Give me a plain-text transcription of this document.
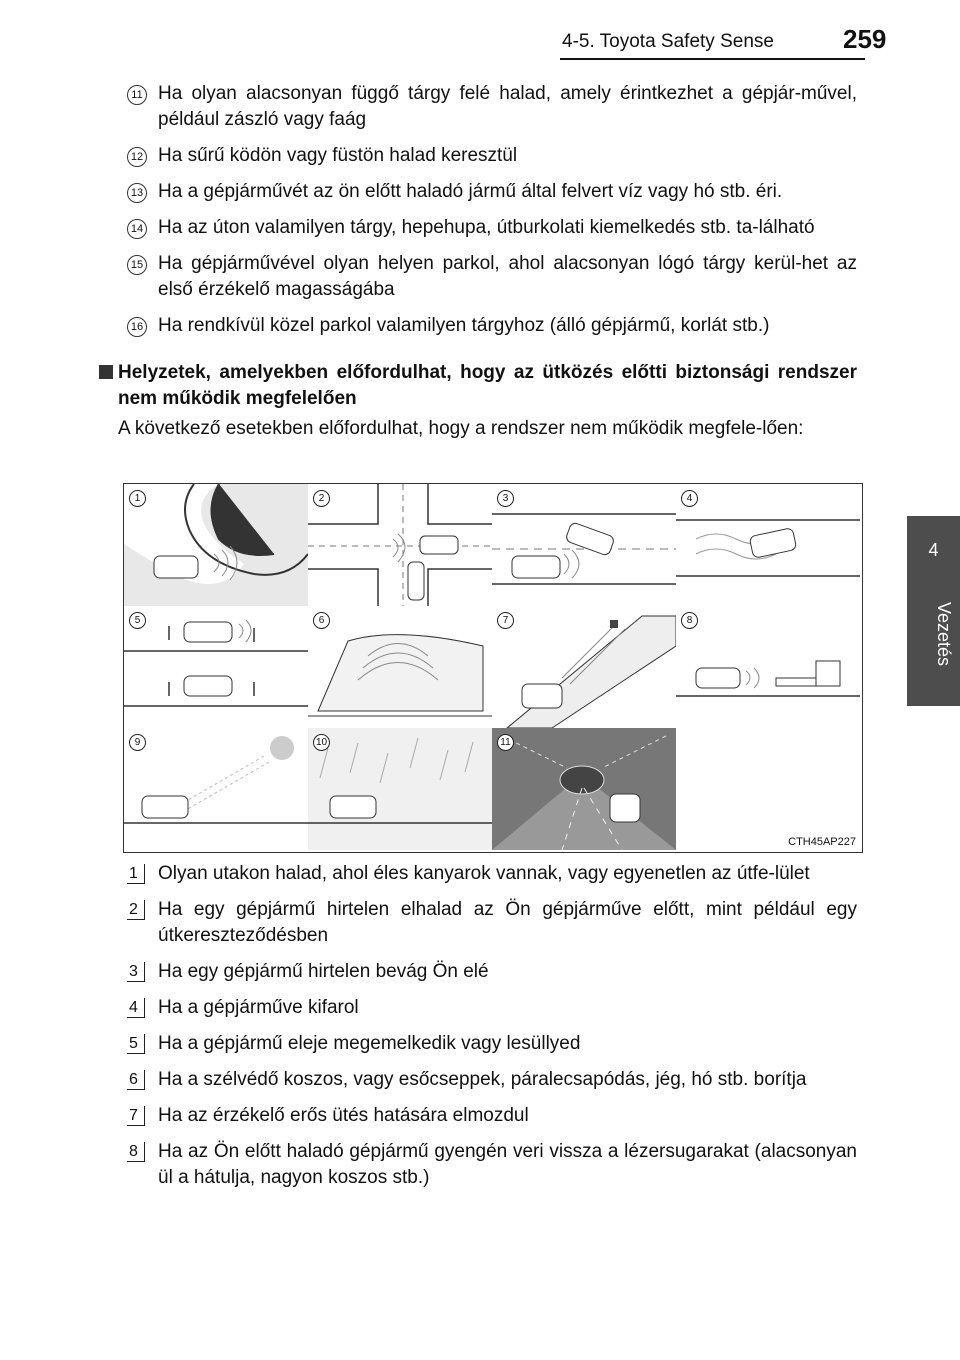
4-5. Toyota Safety Sense	259
4
Vezetés
11 Ha olyan alacsonyan függő tárgy felé halad, amely érintkezhet a gépjár-művel, például zászló vagy faág
12 Ha sűrű ködön vagy füstön halad keresztül
13 Ha a gépjárművét az ön előtt haladó jármű által felvert víz vagy hó stb. éri.
14 Ha az úton valamilyen tárgy, hepehupa, útburkolati kiemelkedés stb. ta-lálható
15 Ha gépjárművével olyan helyen parkol, ahol alacsonyan lógó tárgy kerül-het az első érzékelő magasságába
16 Ha rendkívül közel parkol valamilyen tárgyhoz (álló gépjármű, korlát stb.)
Helyzetek, amelyekben előfordulhat, hogy az ütközés előtti biztonsági rendszer nem működik megfelelően
A következő esetekben előfordulhat, hogy a rendszer nem működik megfele-lően:
1	2	3	4
5	6	7	8
9	10	11
CTH45AP227
1	Olyan utakon halad, ahol éles kanyarok vannak, vagy egyenetlen az útfe-lület
2	Ha egy gépjármű hirtelen elhalad az Ön gépjárműve előtt, mint például egy útkereszteződésben
3	Ha egy gépjármű hirtelen bevág Ön elé
4	Ha a gépjárműve kifarol
5	Ha a gépjármű eleje megemelkedik vagy lesüllyed
6	Ha a szélvédő koszos, vagy esőcseppek, páralecsapódás, jég, hó stb. borítja
7	Ha az érzékelő erős ütés hatására elmozdul
8	Ha az Ön előtt haladó gépjármű gyengén veri vissza a lézersugarakat (alacsonyan ül a hátulja, nagyon koszos stb.)
